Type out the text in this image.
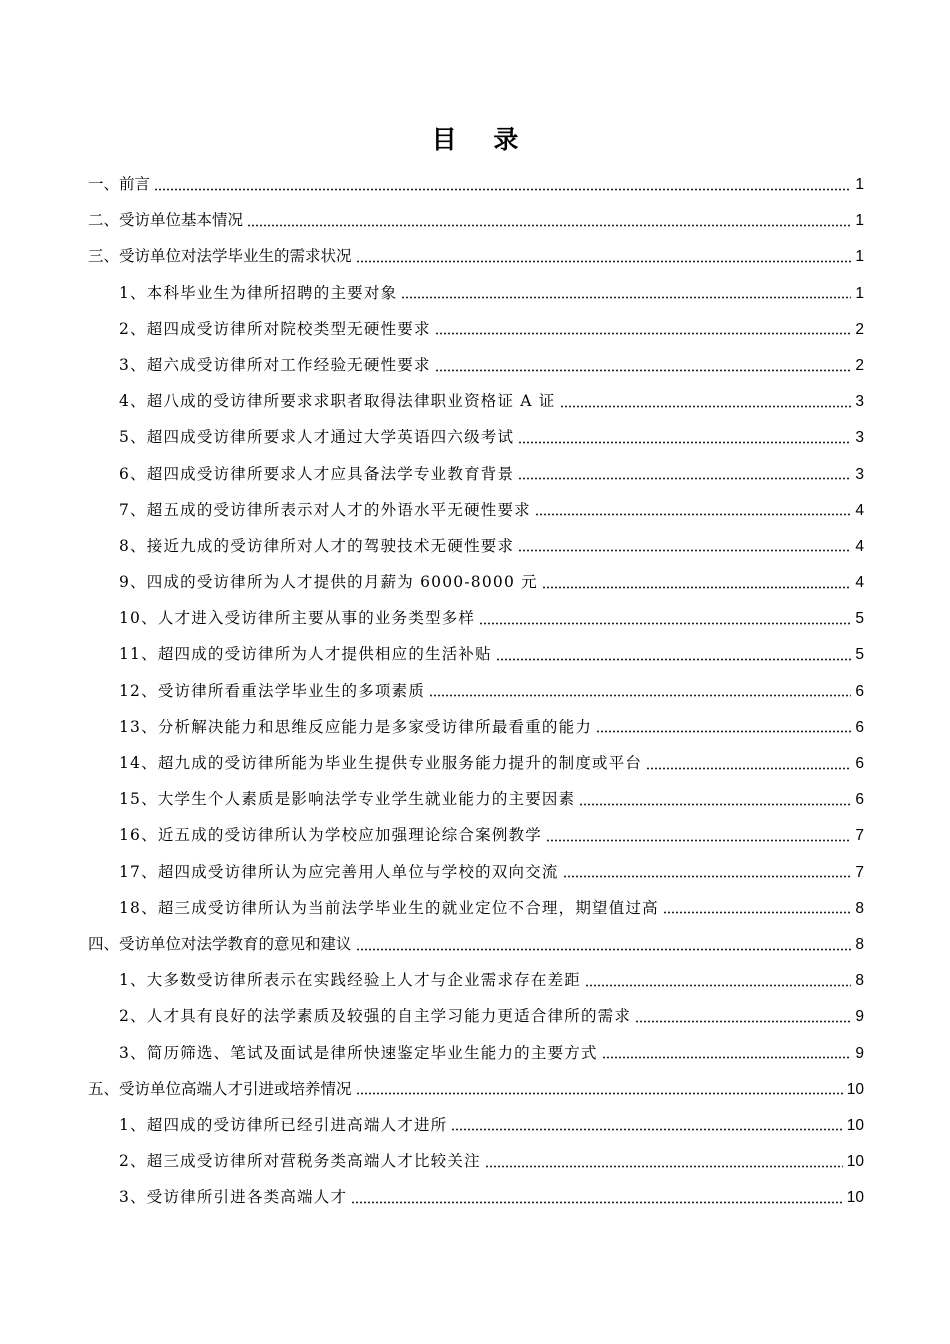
目 录
一、前言	1
二、受访单位基本情况	1
三、受访单位对法学毕业生的需求状况	1
1、本科毕业生为律所招聘的主要对象	1
2、超四成受访律所对院校类型无硬性要求	2
3、超六成受访律所对工作经验无硬性要求	2
4、超八成的受访律所要求求职者取得法律职业资格证 A 证	3
5、超四成受访律所要求人才通过大学英语四六级考试	3
6、超四成受访律所要求人才应具备法学专业教育背景	3
7、超五成的受访律所表示对人才的外语水平无硬性要求	4
8、接近九成的受访律所对人才的驾驶技术无硬性要求	4
9、四成的受访律所为人才提供的月薪为 6000-8000 元	4
10、人才进入受访律所主要从事的业务类型多样	5
11、超四成的受访律所为人才提供相应的生活补贴	5
12、受访律所看重法学毕业生的多项素质	6
13、分析解决能力和思维反应能力是多家受访律所最看重的能力	6
14、超九成的受访律所能为毕业生提供专业服务能力提升的制度或平台	6
15、大学生个人素质是影响法学专业学生就业能力的主要因素	6
16、近五成的受访律所认为学校应加强理论综合案例教学	7
17、超四成受访律所认为应完善用人单位与学校的双向交流	7
18、超三成受访律所认为当前法学毕业生的就业定位不合理，期望值过高	8
四、受访单位对法学教育的意见和建议	8
1、大多数受访律所表示在实践经验上人才与企业需求存在差距	8
2、人才具有良好的法学素质及较强的自主学习能力更适合律所的需求	9
3、简历筛选、笔试及面试是律所快速鉴定毕业生能力的主要方式	9
五、受访单位高端人才引进或培养情况	10
1、超四成的受访律所已经引进高端人才进所	10
2、超三成受访律所对营税务类高端人才比较关注	10
3、受访律所引进各类高端人才	10
